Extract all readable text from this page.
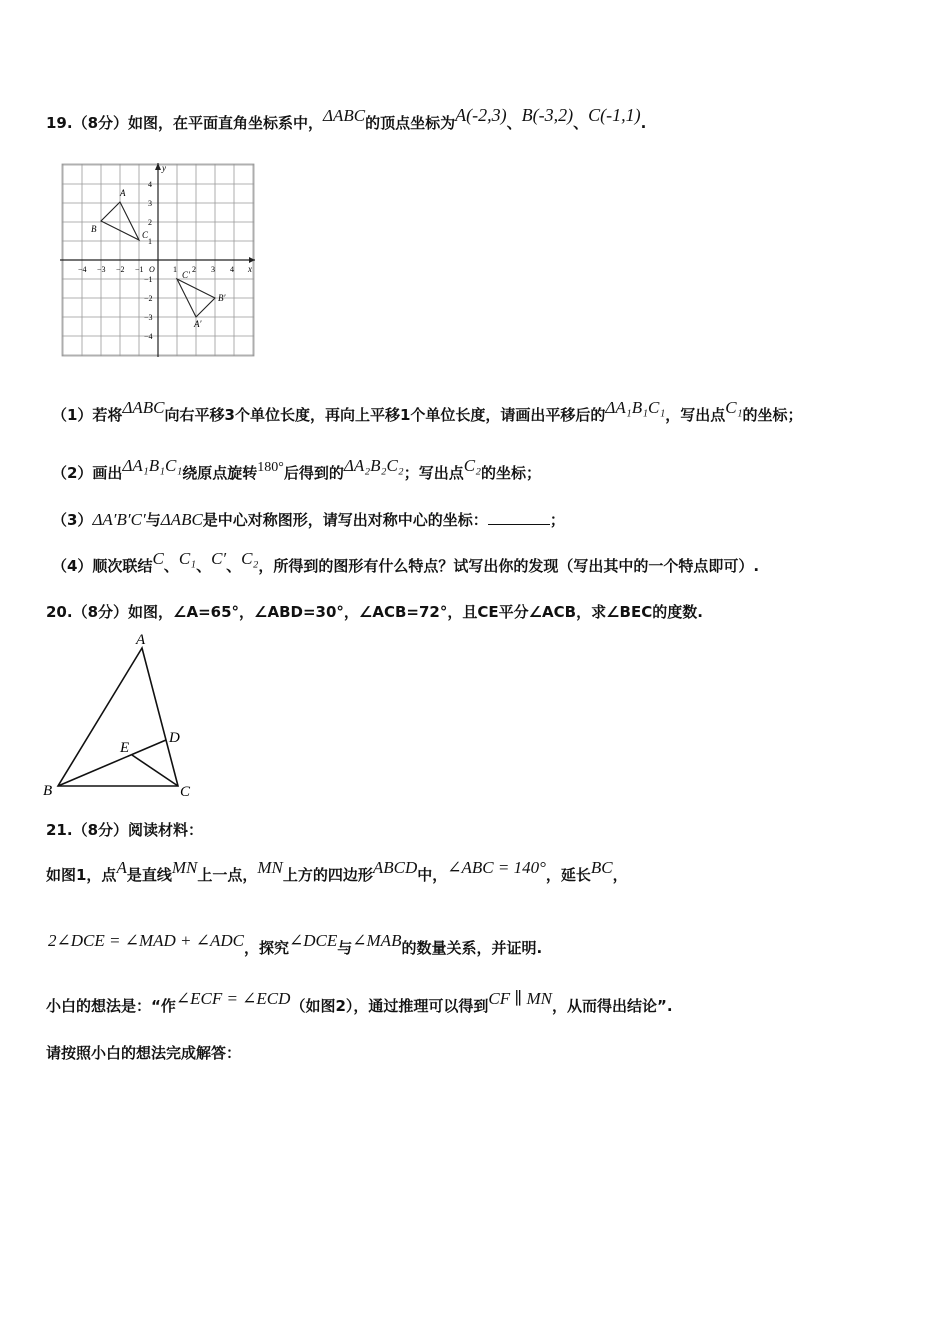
19.（8分）如图，在平面直角坐标系中，ΔABC的顶点坐标为A(-2,3)、B(-3,2)、C(-1,1).
x
y
−4 −3 −2 −1 O 1 2 3 4
4
3
2
1
−1
−2
−3
−4
A
B
C
C′
B′
A′
（1）若将ΔABC向右平移3个单位长度，再向上平移1个单位长度，请画出平移后的ΔA₁B₁C₁，写出点C₁的坐标；
（2）画出ΔA₁B₁C₁绕原点旋转180°后得到的ΔA₂B₂C₂；写出点C₂的坐标；
（3）ΔA′B′C′与ΔABC是中心对称图形，请写出对称中心的坐标：	；
（4）顺次联结C、C₁、C′、C₂，所得到的图形有什么特点？试写出你的发现（写出其中的一个特点即可）.
20.（8分）如图，∠A=65°，∠ABD=30°，∠ACB=72°，且CE平分∠ACB，求∠BEC的度数.
A
B	C
D
E
21.（8分）阅读材料：
如图1，点A是直线MN上一点，MN上方的四边形ABCD中，∠ABC = 140°，延长BC，
2∠DCE = ∠MAD + ∠ADC，探究∠DCE与∠MAB的数量关系，并证明.
小白的想法是：“作∠ECF = ∠ECD（如图2），通过推理可以得到CF ∥ MN，从而得出结论”.
请按照小白的想法完成解答：
